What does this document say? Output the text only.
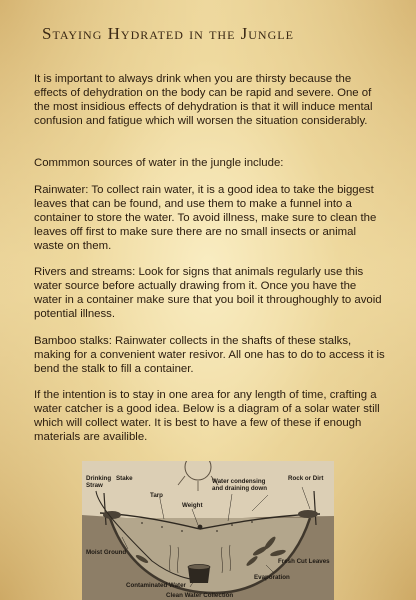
Staying Hydrated in the Jungle

It is important to always drink when you are thirsty because the effects of dehydration on the body can be rapid and severe. One of the most insidious effects of dehydration is that it will induce mental confusion and fatigue which will worsen the situation considerably.

Commmon sources of water in the jungle include:

Rainwater: To collect rain water, it is a good idea to take the biggest leaves that can be found, and use them to make a funnel into a container to store the water. To avoid illness, make sure to clean the leaves off first to make sure there are no small insects or animal waste on them.

Rivers and streams: Look for signs that animals regularly use this water source before actually drawing from it. Once you have the water in a container make sure that you boil it throughoughly to avoid potential illness.

Bamboo stalks: Rainwater collects in the shafts of these stalks, making for a convenient water resivor. All one has to do to access it is bend the stalk to fill a container.

If the intention is to stay in one area for any length of time, crafting a water catcher is a good idea. Below is a diagram of a solar water still which will collect water. It is best to have a few of these if enough materials are availible.

Drinking
Straw
Stake
Tarp
Weight
Water condensing
and draining down
Rock or Dirt
Moist Ground
Fresh Cut Leaves
Evaporation
Contaminated Water
Clean Water Collection
